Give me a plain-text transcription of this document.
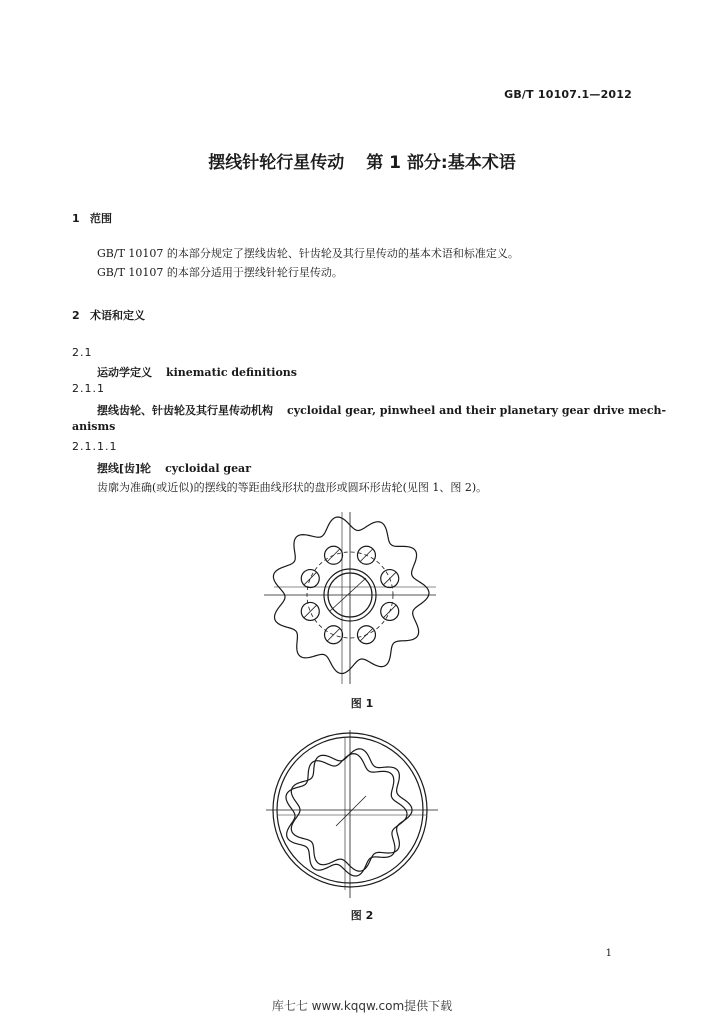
GB/T 10107.1—2012
摆线针轮行星传动 第 1 部分:基本术语
1 范围
GB/T 10107 的本部分规定了摆线齿轮、针齿轮及其行星传动的基本术语和标准定义。
GB/T 10107 的本部分适用于摆线针轮行星传动。
2 术语和定义
2.1
运动学定义 kinematic definitions
2.1.1
摆线齿轮、针齿轮及其行星传动机构 cycloidal gear, pinwheel and their planetary gear drive mech-
anisms
2.1.1.1
摆线[齿]轮 cycloidal gear
齿廓为准确(或近似)的摆线的等距曲线形状的盘形或圆环形齿轮(见图 1、图 2)。
图 1
图 2
1
库七七 www.kqqw.com提供下载
